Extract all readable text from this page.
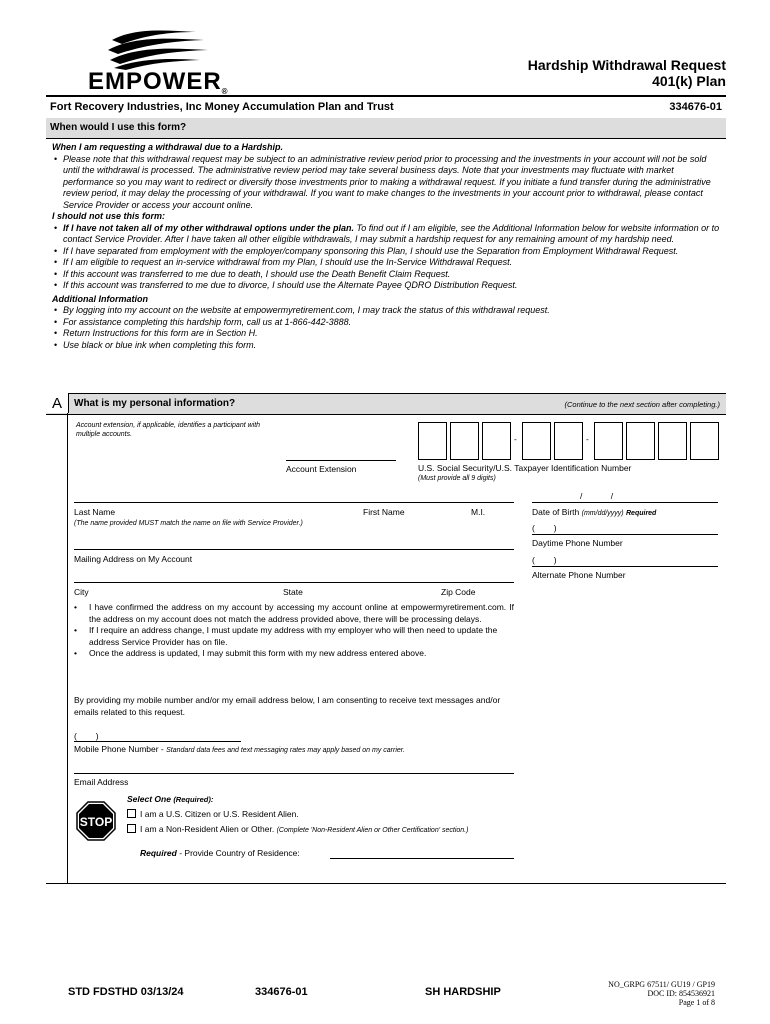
EMPOWER®
Hardship Withdrawal Request
401(k) Plan
Fort Recovery Industries, Inc Money Accumulation Plan and Trust	334676-01
When would I use this form?
When I am requesting a withdrawal due to a Hardship.
• Please note that this withdrawal request may be subject to an administrative review period prior to processing and the investments in your account will not be sold until the withdrawal is processed. The administrative review period may take several business days. Note that your investments may fluctuate with market performance so you may want to redirect or diversify those investments prior to making a withdrawal request. If you initiate a fund transfer during the administrative review period, it may delay the processing of your withdrawal. If you want to make changes to the investments in your account prior to withdrawal, please contact Service Provider or access your account online.
I should not use this form:
• If I have not taken all of my other withdrawal options under the plan. To find out if I am eligible, see the Additional Information below for website information or to contact Service Provider. After I have taken all other eligible withdrawals, I may submit a hardship request for any remaining amount of my hardship need.
• If I have separated from employment with the employer/company sponsoring this Plan, I should use the Separation from Employment Withdrawal Request.
• If I am eligible to request an in-service withdrawal from my Plan, I should use the In-Service Withdrawal Request.
• If this account was transferred to me due to death, I should use the Death Benefit Claim Request.
• If this account was transferred to me due to divorce, I should use the Alternate Payee QDRO Distribution Request.
Additional Information
• By logging into my account on the website at empowermyretirement.com, I may track the status of this withdrawal request.
• For assistance completing this hardship form, call us at 1-866-442-3888.
• Return Instructions for this form are in Section H.
• Use black or blue ink when completing this form.
A	What is my personal information?	(Continue to the next section after completing.)
Account extension, if applicable, identifies a participant with multiple accounts.
Account Extension
-	-
U.S. Social Security/U.S. Taxpayer Identification Number
(Must provide all 9 digits)
Last Name	First Name	M.I.
(The name provided MUST match the name on file with Service Provider.)
/            /
Date of Birth (mm/dd/yyyy) Required
(        )
Daytime Phone Number
Mailing Address on My Account	(        )
Alternate Phone Number
City	State	Zip Code
• I have confirmed the address on my account by accessing my account online at empowermyretirement.com. If the address on my account does not match the address provided above, there will be processing delays.
• If I require an address change, I must update my address with my employer who will then need to update the address Service Provider has on file.
• Once the address is updated, I may submit this form with my new address entered above.
By providing my mobile number and/or my email address below, I am consenting to receive text messages and/or emails related to this request.
(        )
Mobile Phone Number - Standard data fees and text messaging rates may apply based on my carrier.
Email Address
STOP
Select One (Required):
I am a U.S. Citizen or U.S. Resident Alien.
I am a Non-Resident Alien or Other. (Complete 'Non-Resident Alien or Other Certification' section.)
Required - Provide Country of Residence:
STD FDSTHD 03/13/24	334676-01	SH HARDSHIP
NO_GRPG 67511/ GU19 / GP19
DOC ID: 854536921
Page 1 of 8
